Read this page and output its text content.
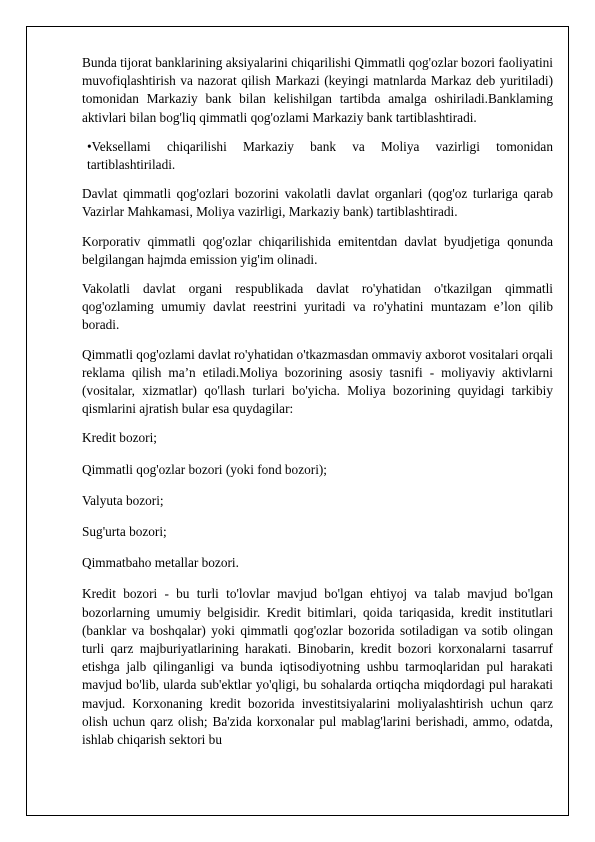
Bunda tijorat banklarining aksiyalarini chiqarilishi Qimmatli qog'ozlar bozori faoliyatini muvofiqlashtirish va nazorat qilish Markazi (keyingi matnlarda Markaz deb yuritiladi) tomonidan Markaziy bank bilan kelishilgan tartibda amalga oshiriladi.Banklaming aktivlari bilan bog'liq qimmatli qog'ozlami Markaziy bank tartiblashtiradi.

•Veksellami chiqarilishi Markaziy bank va Moliya vazirligi tomonidan tartiblashtiriladi.

Davlat qimmatli qog'ozlari bozorini vakolatli davlat organlari (qog'oz turlariga qarab Vazirlar Mahkamasi, Moliya vazirligi, Markaziy bank) tartiblashtiradi.

Korporativ qimmatli qog'ozlar chiqarilishida emitentdan davlat byudjetiga qonunda belgilangan hajmda emission yig'im olinadi.

Vakolatli davlat organi respublikada davlat ro'yhatidan o'tkazilgan qimmatli qog'ozlaming umumiy davlat reestrini yuritadi va ro'yhatini muntazam e’lon qilib boradi.

Qimmatli qog'ozlami davlat ro'yhatidan o'tkazmasdan ommaviy axborot vositalari orqali reklama qilish ma’n etiladi.Moliya bozorining asosiy tasnifi - moliyaviy aktivlarni (vositalar, xizmatlar) qo'llash turlari bo'yicha. Moliya bozorining quyidagi tarkibiy qismlarini ajratish bular esa quydagilar:

Kredit bozori;

Qimmatli qog'ozlar bozori (yoki fond bozori);

Valyuta bozori;

Sug'urta bozori;

Qimmatbaho metallar bozori.

Kredit bozori - bu turli to'lovlar mavjud bo'lgan ehtiyoj va talab mavjud bo'lgan bozorlarning umumiy belgisidir. Kredit bitimlari, qoida tariqasida, kredit institutlari (banklar va boshqalar) yoki qimmatli qog'ozlar bozorida sotiladigan va sotib olingan turli qarz majburiyatlarining harakati. Binobarin, kredit bozori korxonalarni tasarruf etishga jalb qilinganligi va bunda iqtisodiyotning ushbu tarmoqlaridan pul harakati mavjud bo'lib, ularda sub'ektlar yo'qligi, bu sohalarda ortiqcha miqdordagi pul harakati mavjud. Korxonaning kredit bozorida investitsiyalarini moliyalashtirish uchun qarz olish uchun qarz olish; Ba'zida korxonalar pul mablag'larini berishadi, ammo, odatda, ishlab chiqarish sektori bu
